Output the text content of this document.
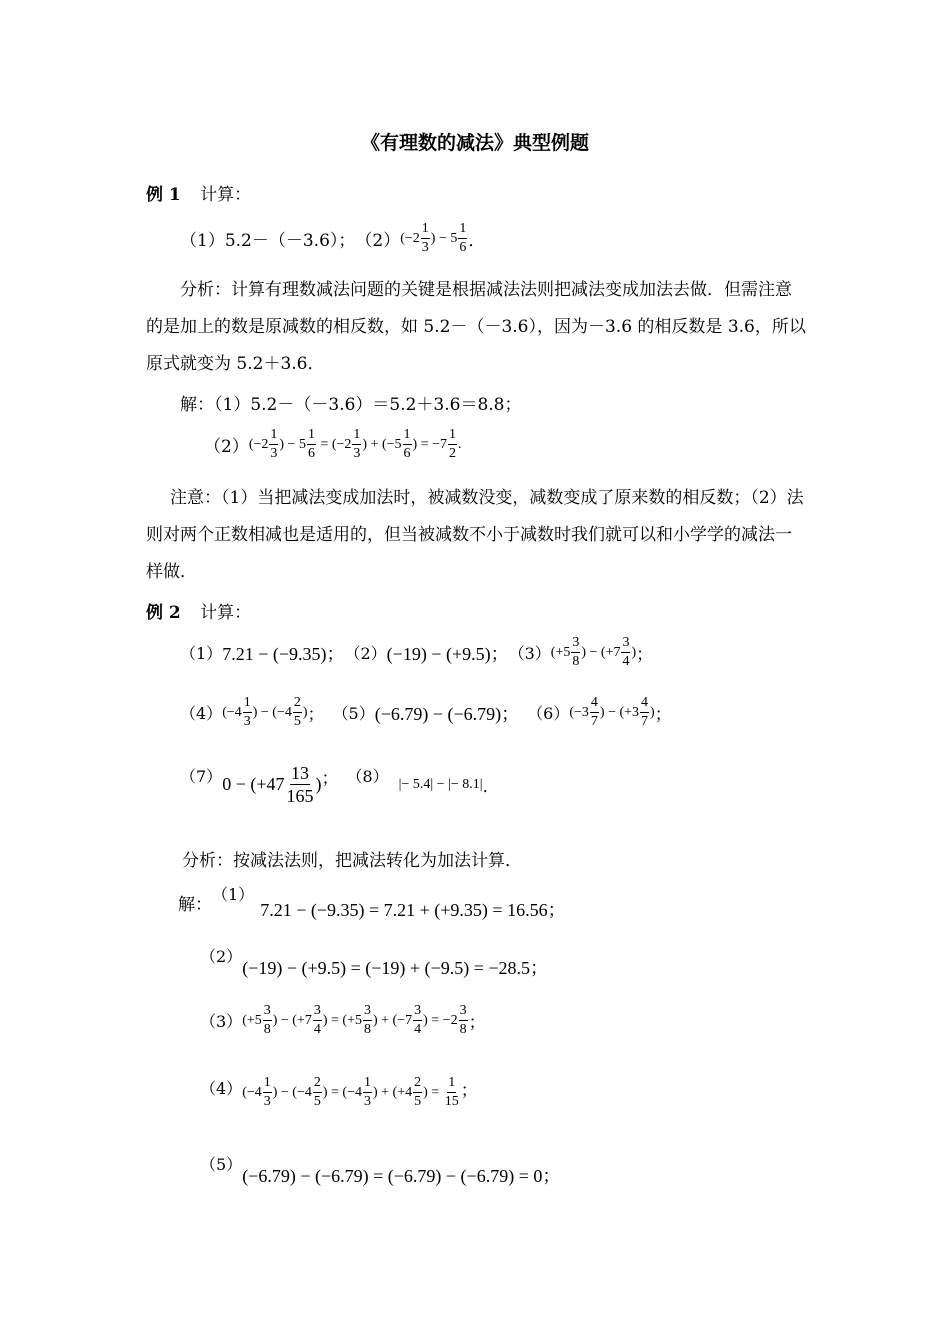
《有理数的减法》典型例题
例 1 计算：
（1） 5.2－（－3.6）； （2） ($-2 \frac{1}{3}$ ) − $5 \frac{1}{6}$ ．
分析：计算有理数减法问题的关键是根据减法法则把减法变成加法去做．但需注意的是加上的数是原减数的相反数，如 5.2－（－3.6），因为－3.6 的相反数是 3.6，所以原式就变为 5.2＋3.6．
解：（1）5.2－（－3.6）＝5.2＋3.6＝8.8；
（2） ($-2 \frac{1}{3}$ ) − $5 \frac{1}{6} = (-2 \frac{1}{3}$ ) + ($-5 \frac{1}{6}$ ) = $-7 \frac{1}{2}$ .
注意：（1）当把减法变成加法时，被减数没变，减数变成了原来数的相反数；（2）法则对两个正数相减也是适用的，但当被减数不小于减数时我们就可以和小学学的减法一样做．
例 2 计算：
（1） 7.21 − (−9.35)； （2） (−19) − (+9.5)； （3） ($+5 \frac{3}{8}$ ) − ($+7 \frac{3}{4}$ ) ；
（4） ($-4 \frac{1}{3}$ ) − ($-4 \frac{2}{5}$ ) ； （5） (−6.79) − (−6.79)； （6） ($-3 \frac{4}{7}$ ) − ($+3 \frac{4}{7}$ ) ；
（7） $0 - (+47 \frac{13}{165}$ ) ； （8） |− 5.4| − |− 8.1| ．
分析：按减法法则，把减法转化为加法计算．
解： （1）
7.21 − (−9.35) = 7.21 + (+9.35) = 16.56；
（2）
(−19) − (+9.5) = (−19) + (−9.5) = −28.5；
（3） ($+5 \frac{3}{8}$ ) − ($+7 \frac{3}{4}$ ) = ($+5 \frac{3}{8}$ ) + ($-7 \frac{3}{4}$ ) = $-2 \frac{3}{8}$ ；
（4） ($-4 \frac{1}{3}$ ) − ($-4 \frac{2}{5}$ ) = ($-4 \frac{1}{3}$ ) + ($+4 \frac{2}{5}$ ) = $\frac{1}{15}$ ；
（5）
(−6.79) − (−6.79) = (−6.79) − (−6.79) = 0；
